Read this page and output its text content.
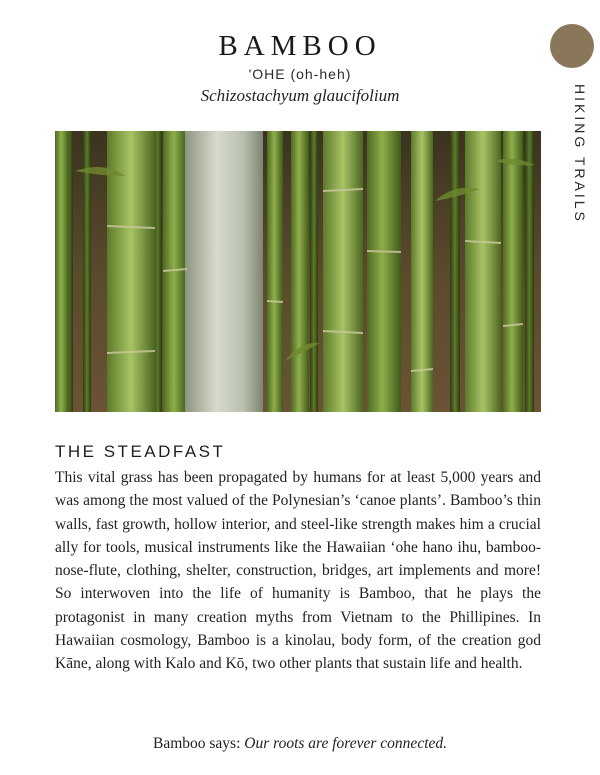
BAMBOO
'OHE (oh-heh)
Schizostachyum glaucifolium	HIKING TRAILS
THE STEADFAST

This vital grass has been propagated by humans for at least 5,000 years and was among the most valued of the Polynesian’s ‘canoe plants’. Bamboo’s thin walls, fast growth, hollow interior, and steel-like strength makes him a crucial ally for tools, musical instruments like the Hawaiian ‘ohe hano ihu, bamboo-nose-flute, clothing, shelter, construction, bridges, art implements and more! So interwoven into the life of humanity is Bamboo, that he plays the protagonist in many creation myths from Vietnam to the Phillipines. In Hawaiian cosmology, Bamboo is a kinolau, body form, of the creation god Kāne, along with Kalo and Kō, two other plants that sustain life and health.

Bamboo says: Our roots are forever connected.
